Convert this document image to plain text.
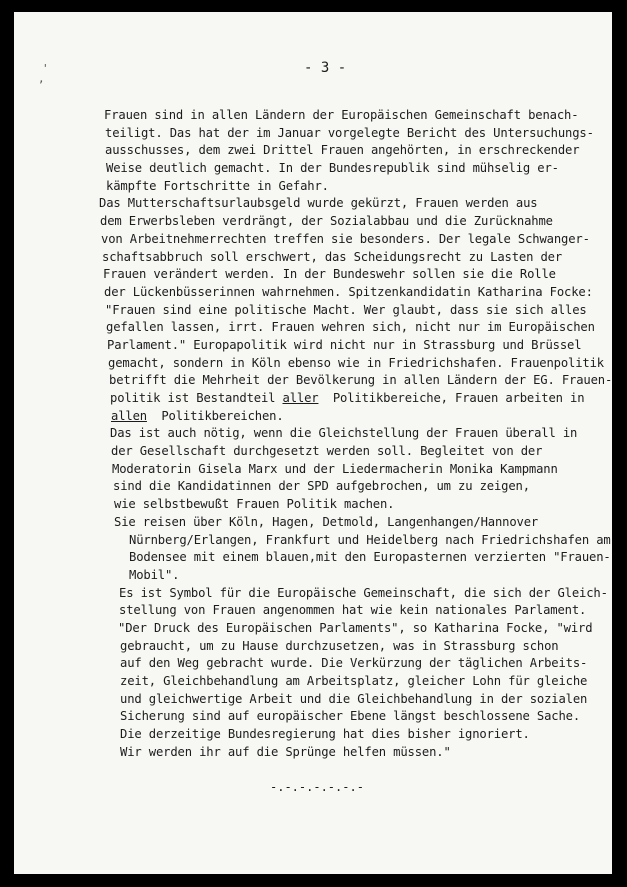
- 3 -
,
'
Frauen sind in allen Ländern der Europäischen Gemeinschaft benach-
teiligt. Das hat der im Januar vorgelegte Bericht des Untersuchungs-
ausschusses, dem zwei Drittel Frauen angehörten, in erschreckender
Weise deutlich gemacht. In der Bundesrepublik sind mühselig er-
kämpfte Fortschritte in Gefahr.
Das Mutterschaftsurlaubsgeld wurde gekürzt, Frauen werden aus
dem Erwerbsleben verdrängt, der Sozialabbau und die Zurücknahme
von Arbeitnehmerrechten treffen sie besonders. Der legale Schwanger-
schaftsabbruch soll erschwert, das Scheidungsrecht zu Lasten der
Frauen verändert werden. In der Bundeswehr sollen sie die Rolle
der Lückenbüsserinnen wahrnehmen. Spitzenkandidatin Katharina Focke:
"Frauen sind eine politische Macht. Wer glaubt, dass sie sich alles
gefallen lassen, irrt. Frauen wehren sich, nicht nur im Europäischen
Parlament." Europapolitik wird nicht nur in Strassburg und Brüssel
gemacht, sondern in Köln ebenso wie in Friedrichshafen. Frauenpolitik
betrifft die Mehrheit der Bevölkerung in allen Ländern der EG. Frauen-
politik ist Bestandteil aller  Politikbereiche, Frauen arbeiten in
allen  Politikbereichen.
Das ist auch nötig, wenn die Gleichstellung der Frauen überall in
der Gesellschaft durchgesetzt werden soll. Begleitet von der
Moderatorin Gisela Marx und der Liedermacherin Monika Kampmann
sind die Kandidatinnen der SPD aufgebrochen, um zu zeigen,
wie selbstbewußt Frauen Politik machen.
Sie reisen über Köln, Hagen, Detmold, Langenhangen/Hannover
Nürnberg/Erlangen, Frankfurt und Heidelberg nach Friedrichshafen am
Bodensee mit einem blauen,mit den Europasternen verzierten "Frauen-
Mobil".
Es ist Symbol für die Europäische Gemeinschaft, die sich der Gleich-
stellung von Frauen angenommen hat wie kein nationales Parlament.
"Der Druck des Europäischen Parlaments", so Katharina Focke, "wird
gebraucht, um zu Hause durchzusetzen, was in Strassburg schon
auf den Weg gebracht wurde. Die Verkürzung der täglichen Arbeits-
zeit, Gleichbehandlung am Arbeitsplatz, gleicher Lohn für gleiche
und gleichwertige Arbeit und die Gleichbehandlung in der sozialen
Sicherung sind auf europäischer Ebene längst beschlossene Sache.
Die derzeitige Bundesregierung hat dies bisher ignoriert.
Wir werden ihr auf die Sprünge helfen müssen."
-.-.-.-.-.-.-
